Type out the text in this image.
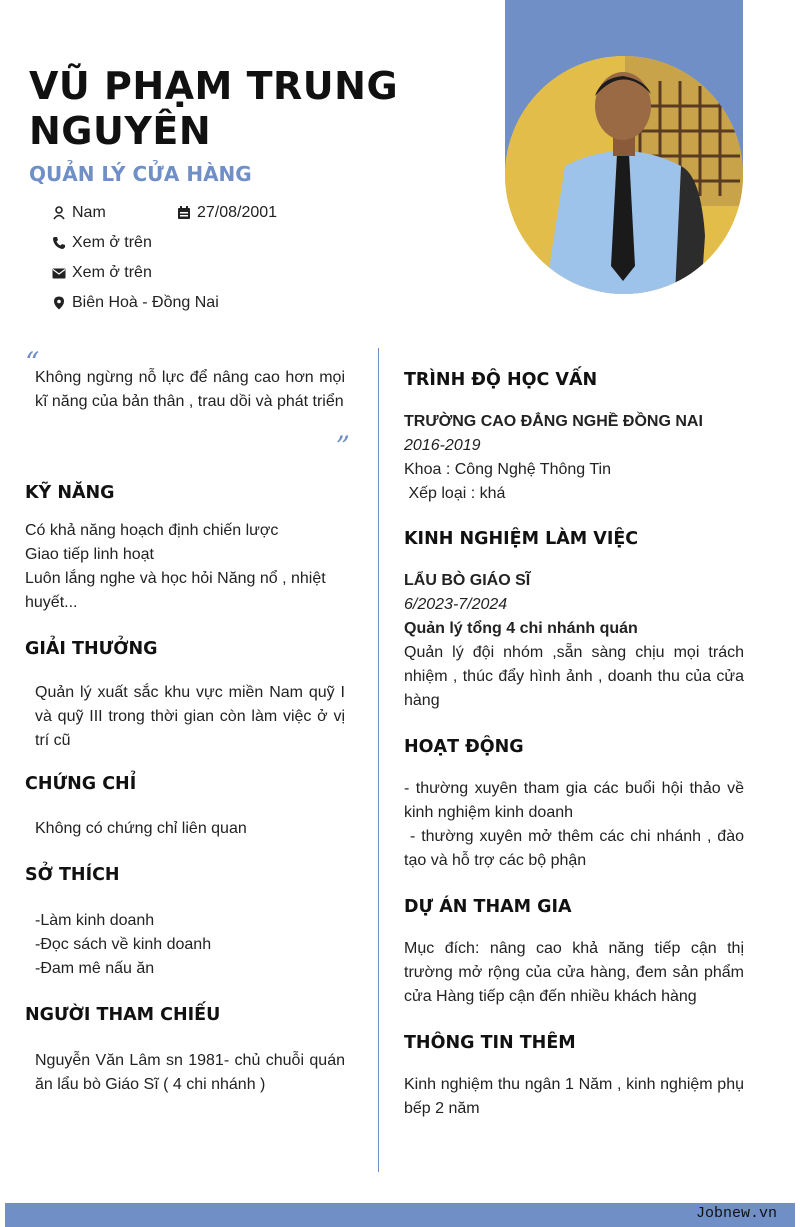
VŨ PHẠM TRUNG NGUYÊN
QUẢN LÝ CỬA HÀNG
Nam	27/08/2001
Xem ở trên
Xem ở trên
Biên Hoà - Đồng Nai
“

Không ngừng nỗ lực để nâng cao hơn mọi kĩ năng của bản thân , trau dồi và phát triển

”
KỸ NĂNG

Có khả năng hoạch định chiến lược

Giao tiếp linh hoạt

Luôn lắng nghe và học hỏi Năng nổ , nhiệt huyết...

GIẢI THƯỞNG

Quản lý xuất sắc khu vực miền Nam quỹ I và quỹ III trong thời gian còn làm việc ở vị trí cũ

CHỨNG CHỈ

Không có chứng chỉ liên quan

SỞ THÍCH

-Làm kinh doanh

-Đọc sách về kinh doanh

-Đam mê nấu ăn

NGƯỜI THAM CHIẾU

Nguyễn Văn Lâm sn 1981- chủ chuỗi quán ăn lẩu bò Giáo Sĩ ( 4 chi nhánh )

TRÌNH ĐỘ HỌC VẤN

TRƯỜNG CAO ĐẲNG NGHỀ ĐỒNG NAI

2016-2019

Khoa : Công Nghệ Thông Tin

Xếp loại : khá

KINH NGHIỆM LÀM VIỆC

LẨU BÒ GIÁO SĨ

6/2023-7/2024

Quản lý tổng 4 chi nhánh quán

Quản lý đội nhóm ,sẵn sàng chịu mọi trách nhiệm , thúc đẩy hình ảnh , doanh thu của cửa hàng

HOẠT ĐỘNG

- thường xuyên tham gia các buổi hội thảo về kinh nghiệm kinh doanh

- thường xuyên mở thêm các chi nhánh , đào tạo và hỗ trợ các bộ phận

DỰ ÁN THAM GIA

Mục đích: nâng cao khả năng tiếp cận thị trường mở rộng của cửa hàng, đem sản phẩm cửa Hàng tiếp cận đến nhiều khách hàng

THÔNG TIN THÊM

Kinh nghiệm thu ngân 1 Năm , kinh nghiệm phụ bếp 2 năm

Jobnew.vn
